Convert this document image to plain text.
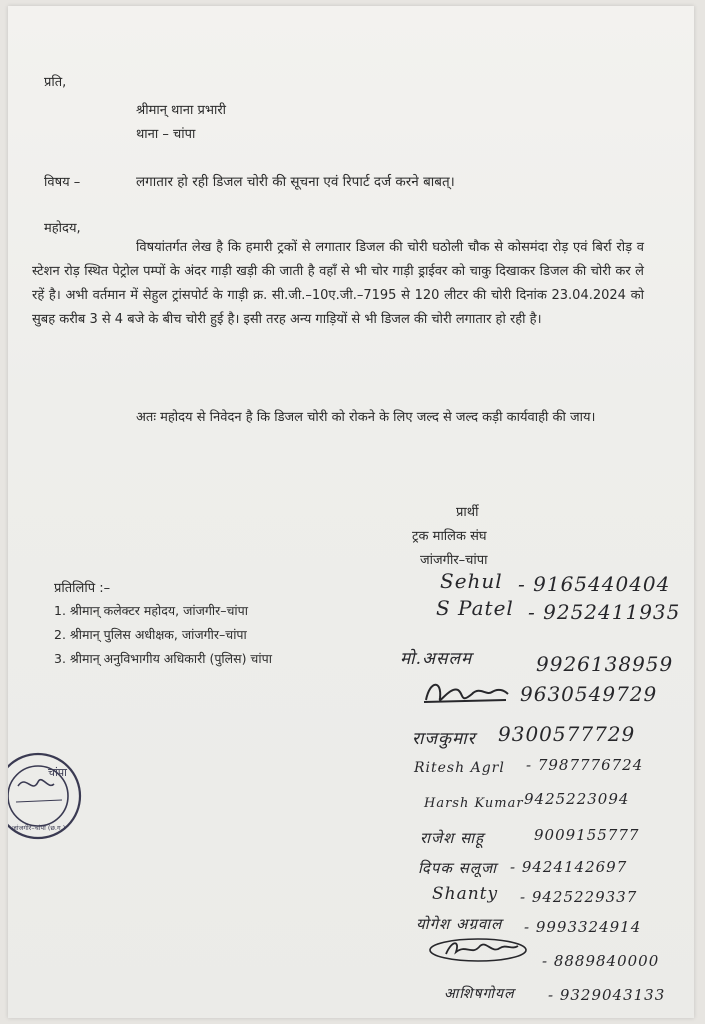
प्रति,
श्रीमान् थाना प्रभारी
थाना – चांपा
विषय –	लगातार हो रही डिजल चोरी की सूचना एवं रिपार्ट दर्ज करने बाबत्।
महोदय,
विषयांतर्गत लेख है कि हमारी ट्रकों से लगातार डिजल की चोरी घठोली चौक से कोसमंदा रोड़ एवं बिर्रा रोड़ व स्टेशन रोड़ स्थित पेट्रोल पम्पों के अंदर गाड़ी खड़ी की जाती है वहाँ से भी चोर गाड़ी ड्राईवर को चाकु दिखाकर डिजल की चोरी कर ले रहें है। अभी वर्तमान में सेहुल ट्रांसपोर्ट के गाड़ी क्र. सी.जी.–10ए.जी.–7195 से 120 लीटर की चोरी दिनांक 23.04.2024 को सुबह करीब 3 से 4 बजे के बीच चोरी हुई है। इसी तरह अन्य गाड़ियों से भी डिजल की चोरी लगातार हो रही है।
अतः महोदय से निवेदन है कि डिजल चोरी को रोकने के लिए जल्द से जल्द कड़ी कार्यवाही की जाय।
प्रार्थी
ट्रक मालिक संघ
जांजगीर–चांपा
प्रतिलिपि :–
1. श्रीमान् कलेक्टर महोदय, जांजगीर–चांपा
2. श्रीमान् पुलिस अधीक्षक, जांजगीर–चांपा
3. श्रीमान् अनुविभागीय अधिकारी (पुलिस) चांपा
Sehul - 9165440404
S Patel - 9252411935
मो.असलम	9926138959
9630549729
राजकुमार 9300577729
Ritesh Agrl - 7987776724
Harsh Kumar 9425223094
राजेश साहू	9009155777
दिपक सलूजा - 9424142697
Shanty - 9425229337
योगेश अग्रवाल - 9993324914
- 8889840000
आशिषगोयल - 9329043133
चांपा
जांजगीर–चांपा (छ.ग.)
